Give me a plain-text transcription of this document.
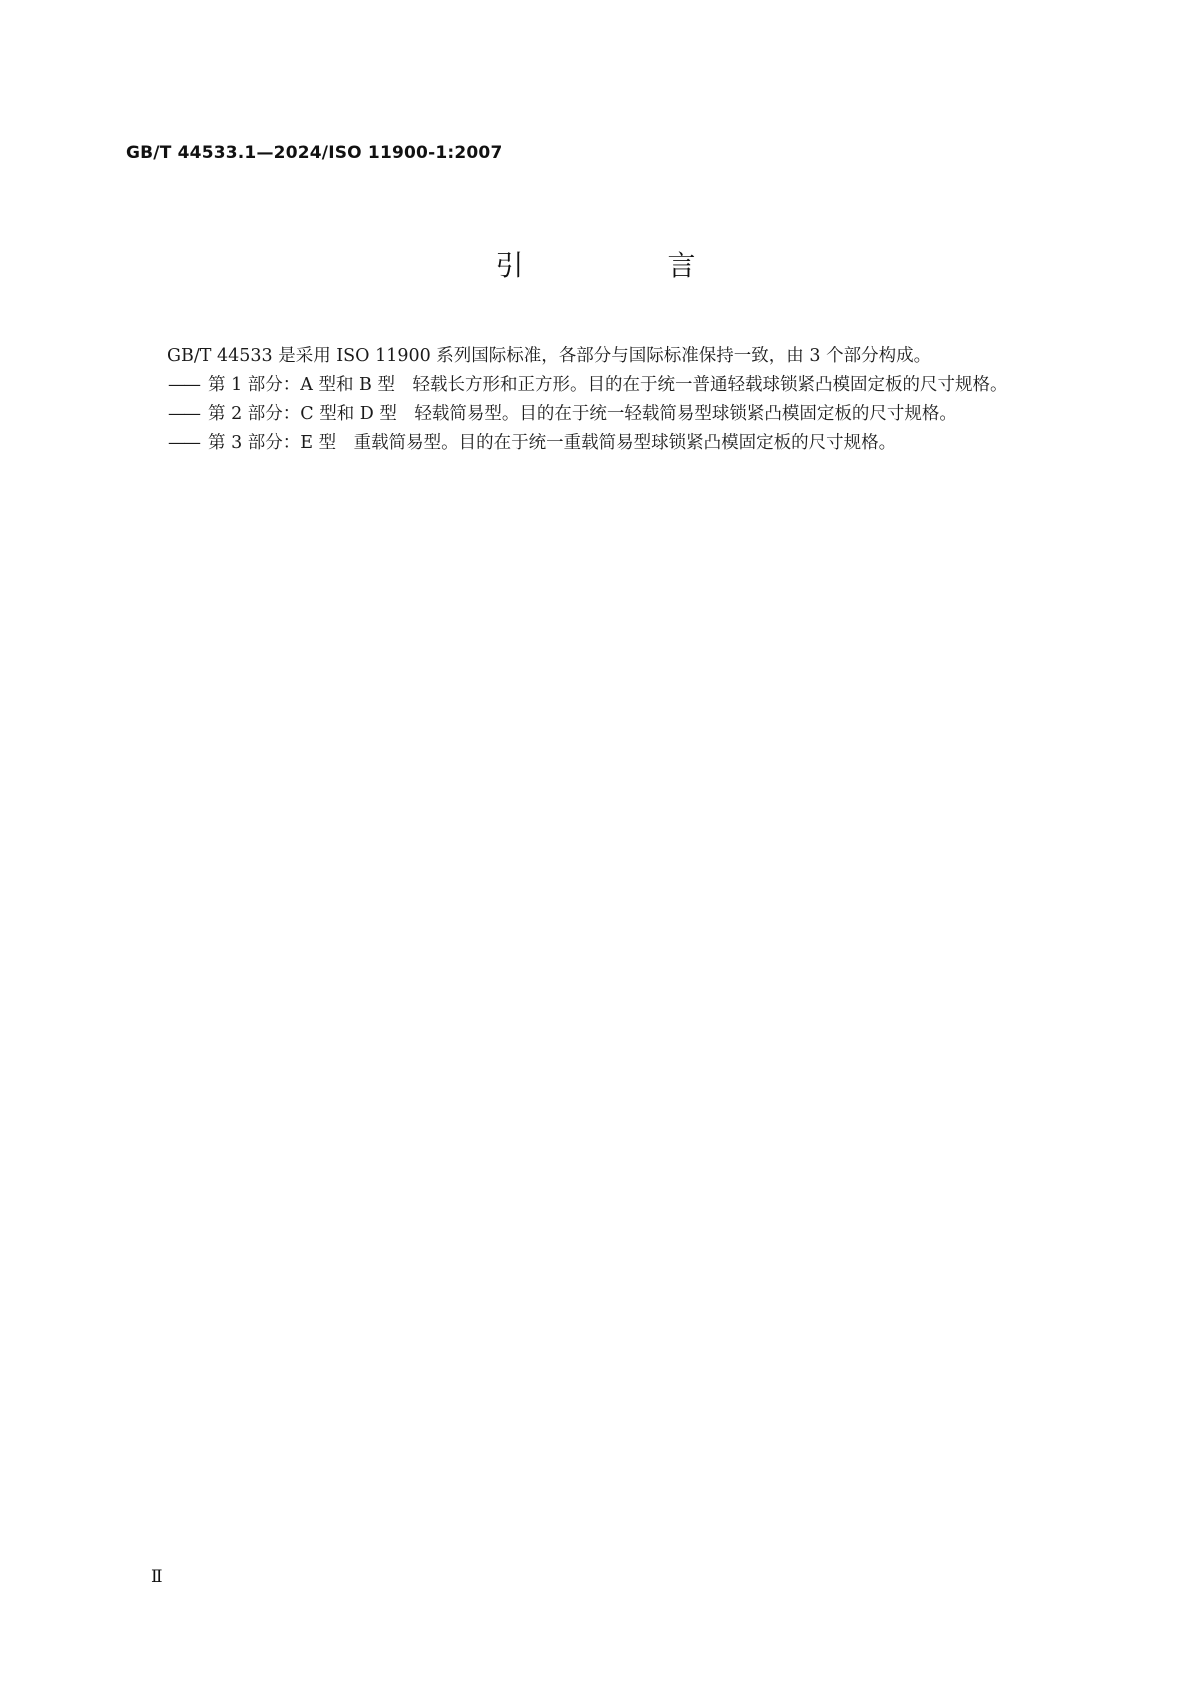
GB/T 44533.1—2024/ISO 11900-1:2007
引　言

GB/T 44533 是采用 ISO 11900 系列国际标准，各部分与国际标准保持一致，由 3 个部分构成。

—— 第 1 部分：A 型和 B 型　轻载长方形和正方形。目的在于统一普通轻载球锁紧凸模固定板的尺寸规格。
—— 第 2 部分：C 型和 D 型　轻载简易型。目的在于统一轻载简易型球锁紧凸模固定板的尺寸规格。
—— 第 3 部分：E 型　重载简易型。目的在于统一重载简易型球锁紧凸模固定板的尺寸规格。
Ⅱ
